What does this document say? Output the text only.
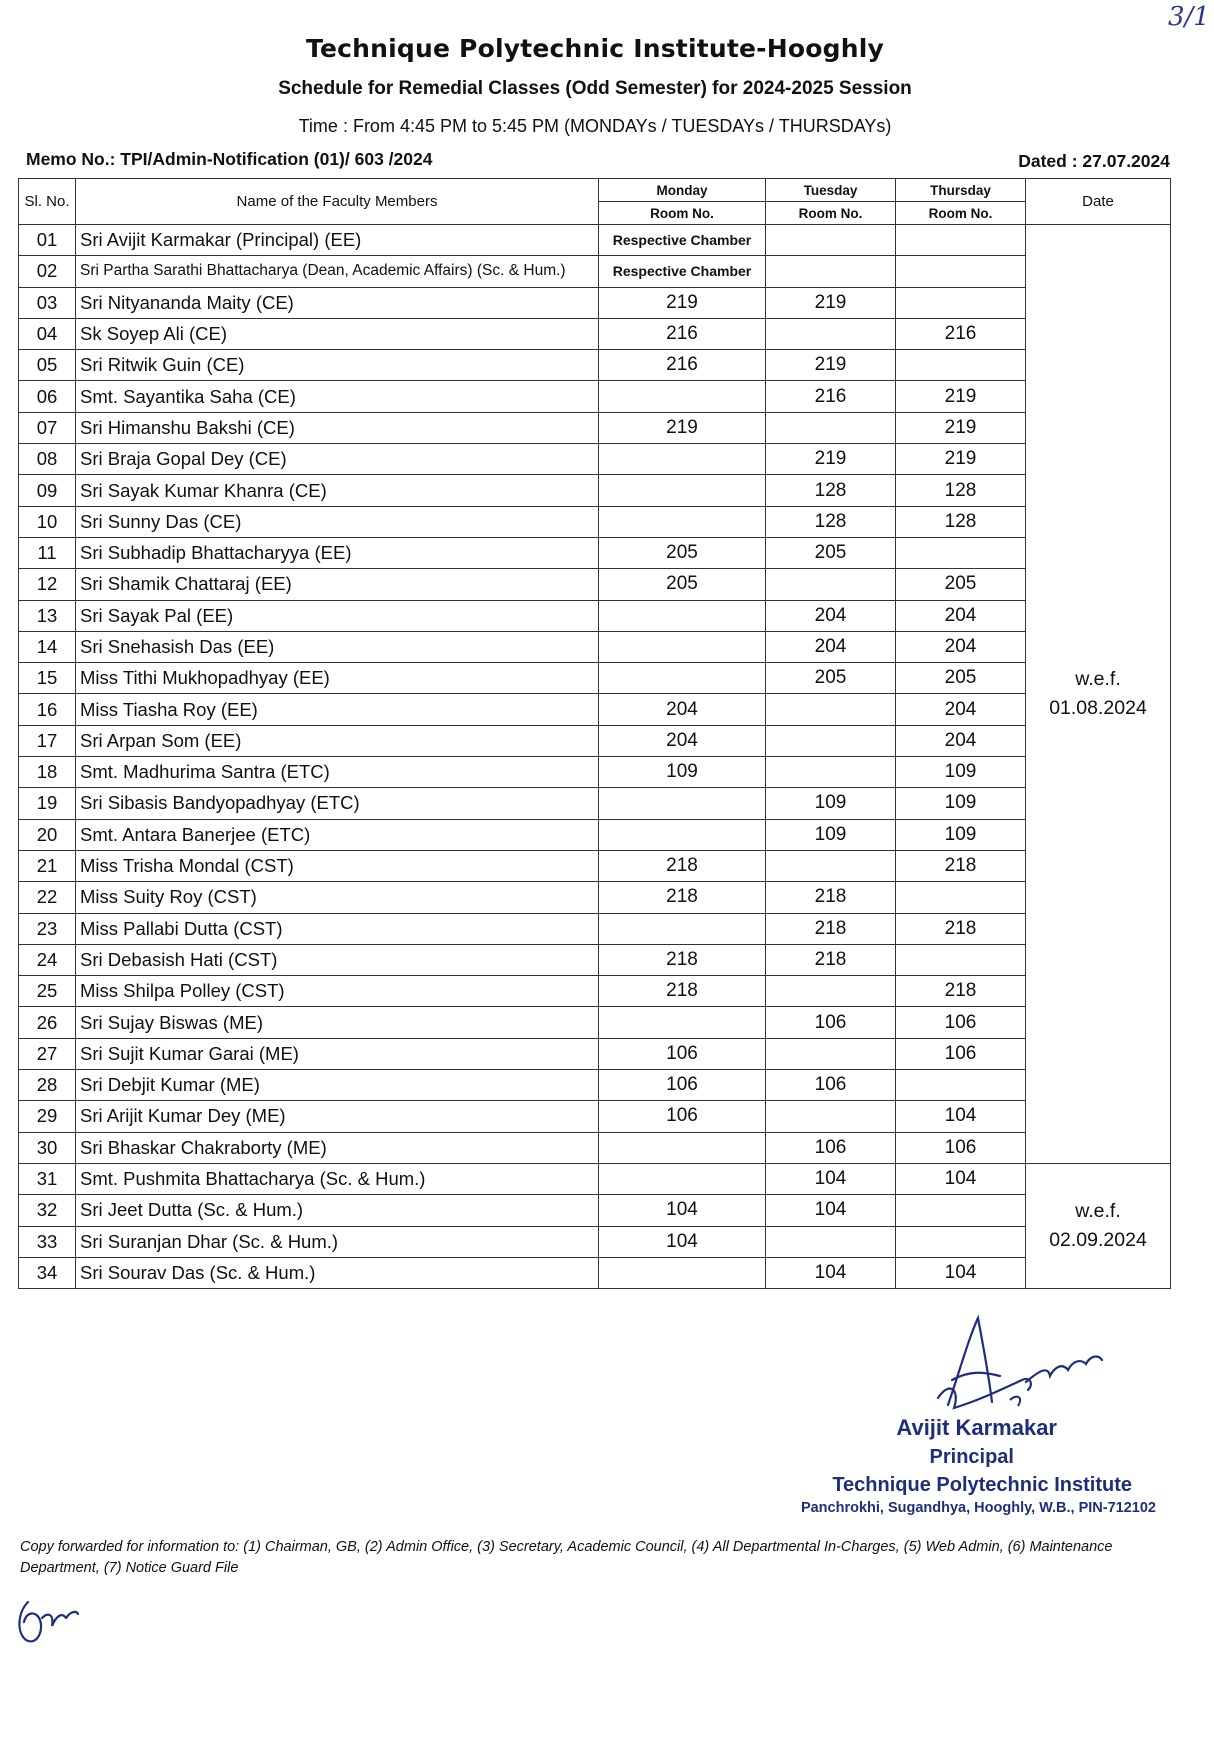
3/1
Technique Polytechnic Institute-Hooghly
Schedule for Remedial Classes (Odd Semester) for 2024-2025 Session
Time : From 4:45 PM to 5:45 PM (MONDAYs / TUESDAYs / THURSDAYs)
Memo No.: TPI/Admin-Notification (01)/ 603 /2024	Dated : 27.07.2024
Sl. No.	Name of the Faculty Members	Monday	Tuesday	Thursday	Date
		Room No.	Room No.	Room No.	
01	Sri Avijit Karmakar (Principal) (EE)	Respective Chamber			w.e.f.
01.08.2024

02	Sri Partha Sarathi Bhattacharya (Dean, Academic Affairs) (Sc. & Hum.)	Respective Chamber			
03	Sri Nityananda Maity (CE)	219	219		
04	Sk Soyep Ali (CE)	216		216	
05	Sri Ritwik Guin (CE)	216	219		
06	Smt. Sayantika Saha (CE)		216	219	
07	Sri Himanshu Bakshi (CE)	219		219	
08	Sri Braja Gopal Dey (CE)		219	219	
09	Sri Sayak Kumar Khanra (CE)		128	128	
10	Sri Sunny Das (CE)		128	128	
11	Sri Subhadip Bhattacharyya (EE)	205	205		
12	Sri Shamik Chattaraj (EE)	205		205	
13	Sri Sayak Pal (EE)		204	204	
14	Sri Snehasish Das (EE)		204	204	
15	Miss Tithi Mukhopadhyay (EE)		205	205	
16	Miss Tiasha Roy (EE)	204		204	
17	Sri Arpan Som (EE)	204		204	
18	Smt. Madhurima Santra (ETC)	109		109	
19	Sri Sibasis Bandyopadhyay (ETC)		109	109	
20	Smt. Antara Banerjee (ETC)		109	109	
21	Miss Trisha Mondal (CST)	218		218	
22	Miss Suity Roy (CST)	218	218		
23	Miss Pallabi Dutta (CST)		218	218	
24	Sri Debasish Hati (CST)	218	218		
25	Miss Shilpa Polley (CST)	218		218	
26	Sri Sujay Biswas (ME)		106	106	
27	Sri Sujit Kumar Garai (ME)	106		106	
28	Sri Debjit Kumar (ME)	106	106		
29	Sri Arijit Kumar Dey (ME)	106		104	
30	Sri Bhaskar Chakraborty (ME)		106	106	
31	Smt. Pushmita Bhattacharya (Sc. & Hum.)		104	104	w.e.f.
02.09.2024

32	Sri Jeet Dutta (Sc. & Hum.)	104	104		
33	Sri Suranjan Dhar (Sc. & Hum.)	104			
34	Sri Sourav Das (Sc. & Hum.)		104	104	
Avijit Karmakar
Principal
Technique Polytechnic Institute
Panchrokhi, Sugandhya, Hooghly, W.B., PIN-712102
Copy forwarded for information to: (1) Chairman, GB, (2) Admin Office, (3) Secretary, Academic Council, (4) All Departmental In-Charges, (5) Web Admin, (6) Maintenance Department, (7) Notice Guard File
